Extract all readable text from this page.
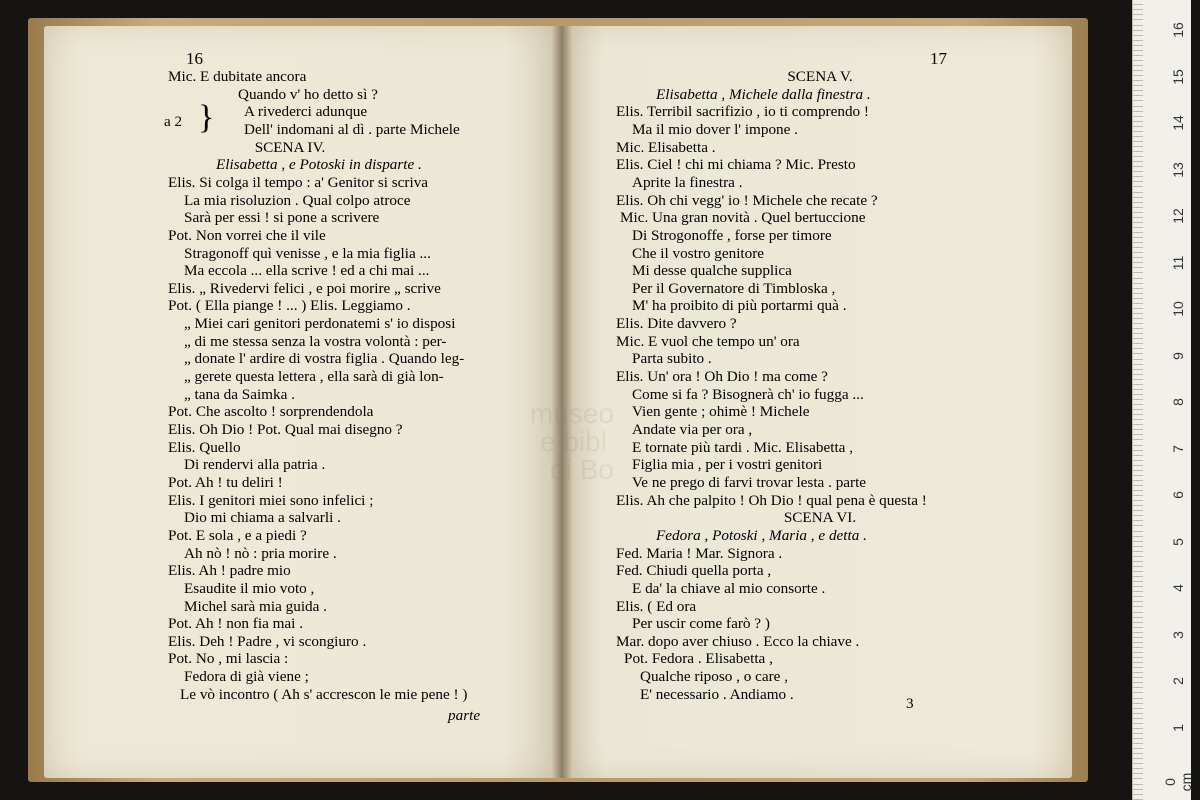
museo
e bibl
di Bo
16
Mic. E dubitate ancora
Quando v' ho detto sì ?
A rivederci adunque
Dell' indomani al dì . parte Michele
SCENA IV.
Elisabetta , e Potoski in disparte .
Elis. Si colga il tempo : a' Genitor si scriva
La mia risoluzion . Qual colpo atroce
Sarà per essi ! si pone a scrivere
Pot. Non vorrei che il vile
Stragonoff quì venisse , e la mia figlia ...
Ma eccola ... ella scrive ! ed a chi mai ...
Elis. „ Rivedervi felici , e poi morire „ scrive
Pot. ( Ella piange ! ... ) Elis. Leggiamo .
„ Miei cari genitori perdonatemi s' io disposi
„ di me stessa senza la vostra volontà : per-
„ donate l' ardire di vostra figlia . Quando leg-
„ gerete questa lettera , ella sarà di già lon-
„ tana da Saimka .
Pot. Che ascolto ! sorprendendola
Elis. Oh Dio ! Pot. Qual mai disegno ?
Elis. Quello
Di rendervi alla patria .
Pot. Ah ! tu deliri !
Elis. I genitori miei sono infelici ;
Dio mi chiama a salvarli .
Pot. E sola , e a piedi ?
Ah nò ! nò : pria morire .
Elis. Ah ! padre mio
Esaudite il mio voto ,
Michel sarà mia guida .
Pot. Ah ! non fia mai .
Elis. Deh ! Padre , vi scongiuro .
Pot. No , mi lascia :
Fedora di già viene ;
Le vò incontro ( Ah s' accrescon le mie pene ! )
parte
a 2 }
17
SCENA V.
Elisabetta , Michele dalla finestra .
Elis. Terribil sacrifizio , io ti comprendo !
Ma il mio dover l' impone .
Mic. Elisabetta .
Elis. Ciel ! chi mi chiama ? Mic. Presto
Aprite la finestra .
Elis. Oh chi vegg' io ! Michele che recate ?
Mic. Una gran novità . Quel bertuccione
Di Strogonoffe , forse per timore
Che il vostro genitore
Mi desse qualche supplica
Per il Governatore di Timbloska ,
M' ha proibito di più portarmi quà .
Elis. Dite davvero ?
Mic. E vuol che tempo un' ora
Parta subito .
Elis. Un' ora ! Oh Dio ! ma come ?
Come si fa ? Bisognerà ch' io fugga ...
Vien gente ; ohimè ! Michele
Andate via per ora ,
E tornate più tardi . Mic. Elisabetta ,
Figlia mia , per i vostri genitori
Ve ne prego di farvi trovar lesta . parte
Elis. Ah che palpito ! Oh Dio ! qual pena è questa !
SCENA VI.
Fedora , Potoski , Maria , e detta .
Fed. Maria ! Mar. Signora .
Fed. Chiudi quella porta ,
E da' la chiave al mio consorte .
Elis. ( Ed ora
Per uscir come farò ? )
Mar. dopo aver chiuso . Ecco la chiave .
Pot. Fedora . Elisabetta ,
Qualche riposo , o care ,
E' necessario . Andiamo .
3
16
15
14
13
12
11
10
9
8
7
6
5
4
3
2
1
0 cm
